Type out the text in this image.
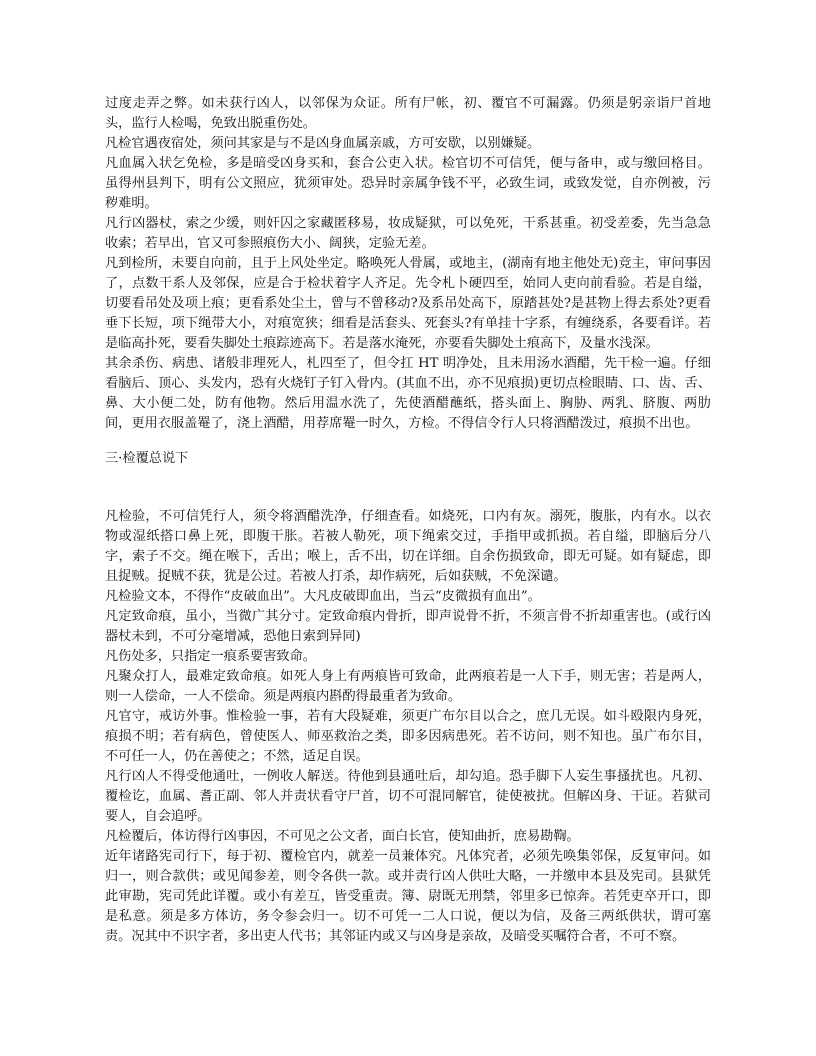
过度走弄之弊。如未获行凶人，以邻保为众证。所有尸帐，初、覆官不可漏露。仍须是躬亲诣尸首地头，监行人检喝，免致出脱重伤处。

凡检官遇夜宿处，须问其家是与不是凶身血属亲戚，方可安歇，以别嫌疑。

凡血属入状乞免检，多是暗受凶身买和，套合公吏入状。检官切不可信凭，便与备申，或与缴回格目。虽得州县判下，明有公文照应，犹须审处。恐异时亲属争钱不平，必致生词，或致发觉，自亦例被，污秽难明。

凡行凶器杖，索之少缓，则奸囚之家藏匿移易，妆成疑狱，可以免死，干系甚重。初受差委，先当急急收索；若早出，官又可参照痕伤大小、阔狭，定验无差。

凡到检所，未要自向前，且于上风处坐定。略唤死人骨属，或地主，(湖南有地主他处无)竞主，审问事因了，点数干系人及邻保，应是合于检状着字人齐足。先令札卜硬四至，始同人吏向前看验。若是自缢，切要看吊处及项上痕；更看系处尘土，曾与不曾移动?及系吊处高下，原踏甚处?是甚物上得去系处?更看垂下长短，项下绳带大小，对痕宽狭；细看是活套头、死套头?有单挂十字系，有缠绕系，各要看详。若是临高扑死，要看失脚处土痕踪迹高下。若是落水淹死，亦要看失脚处土痕高下，及量水浅深。

其余杀伤、病患、诸般非理死人，札四至了，但令扛 HT 明净处，且未用汤水酒醋，先干检一遍。仔细看脑后、顶心、头发内，恐有火烧钉子钉入骨内。(其血不出，亦不见痕损)更切点检眼睛、口、齿、舌、鼻、大小便二处，防有他物。然后用温水洗了，先使酒醋蘸纸，搭头面上、胸胁、两乳、脐腹、两肋间，更用衣服盖罨了，浇上酒醋，用荐席罨一时久，方检。不得信令行人只将酒醋泼过，痕损不出也。

三·检覆总说下

凡检验，不可信凭行人，须令将酒醋洗净，仔细查看。如烧死，口内有灰。溺死，腹胀，内有水。以衣物或湿纸搭口鼻上死，即腹干胀。若被人勒死，项下绳索交过，手指甲或抓损。若自缢，即脑后分八字，索子不交。绳在喉下，舌出；喉上，舌不出，切在详细。自余伤损致命，即无可疑。如有疑虑，即且捉贼。捉贼不获，犹是公过。若被人打杀，却作病死，后如获贼，不免深谴。

凡检验文本，不得作“皮破血出”。大凡皮破即血出，当云“皮微损有血出”。

凡定致命痕，虽小，当微广其分寸。定致命痕内骨折，即声说骨不折，不须言骨不折却重害也。(或行凶器杖未到，不可分毫增减，恐他日索到异同)

凡伤处多，只指定一痕系要害致命。

凡聚众打人，最难定致命痕。如死人身上有两痕皆可致命，此两痕若是一人下手，则无害；若是两人，则一人偿命，一人不偿命。须是两痕内斟酌得最重者为致命。

凡官守，戒访外事。惟检验一事，若有大段疑难，须更广布尔目以合之，庶几无误。如斗殴限内身死，痕损不明；若有病色，曾使医人、师巫救治之类，即多因病患死。若不访问，则不知也。虽广布尔目，不可任一人，仍在善使之；不然，适足自误。

凡行凶人不得受他通吐，一例收人解送。待他到县通吐后，却勾追。恐手脚下人妄生事搔扰也。凡初、覆检讫，血属、耆正副、邻人并责状看守尸首，切不可混同解官，徒使被扰。但解凶身、干证。若狱司要人，自会追呼。

凡检覆后，体访得行凶事因，不可见之公文者，面白长官，使知曲折，庶易勘鞫。

近年诸路宪司行下，每于初、覆检官内，就差一员兼体究。凡体究者，必须先唤集邻保，反复审问。如归一，则合款供；或见闻参差，则令各供一款。或并责行凶人供吐大略，一并缴申本县及宪司。县狱凭此审勘，宪司凭此详覆。或小有差互，皆受重责。簿、尉既无刑禁，邻里多已惊奔。若凭吏卒开口，即是私意。须是多方体访，务令参会归一。切不可凭一二人口说，便以为信，及备三两纸供状，谓可塞责。况其中不识字者，多出吏人代书；其邻证内或又与凶身是亲故，及暗受买嘱符合者，不可不察。
